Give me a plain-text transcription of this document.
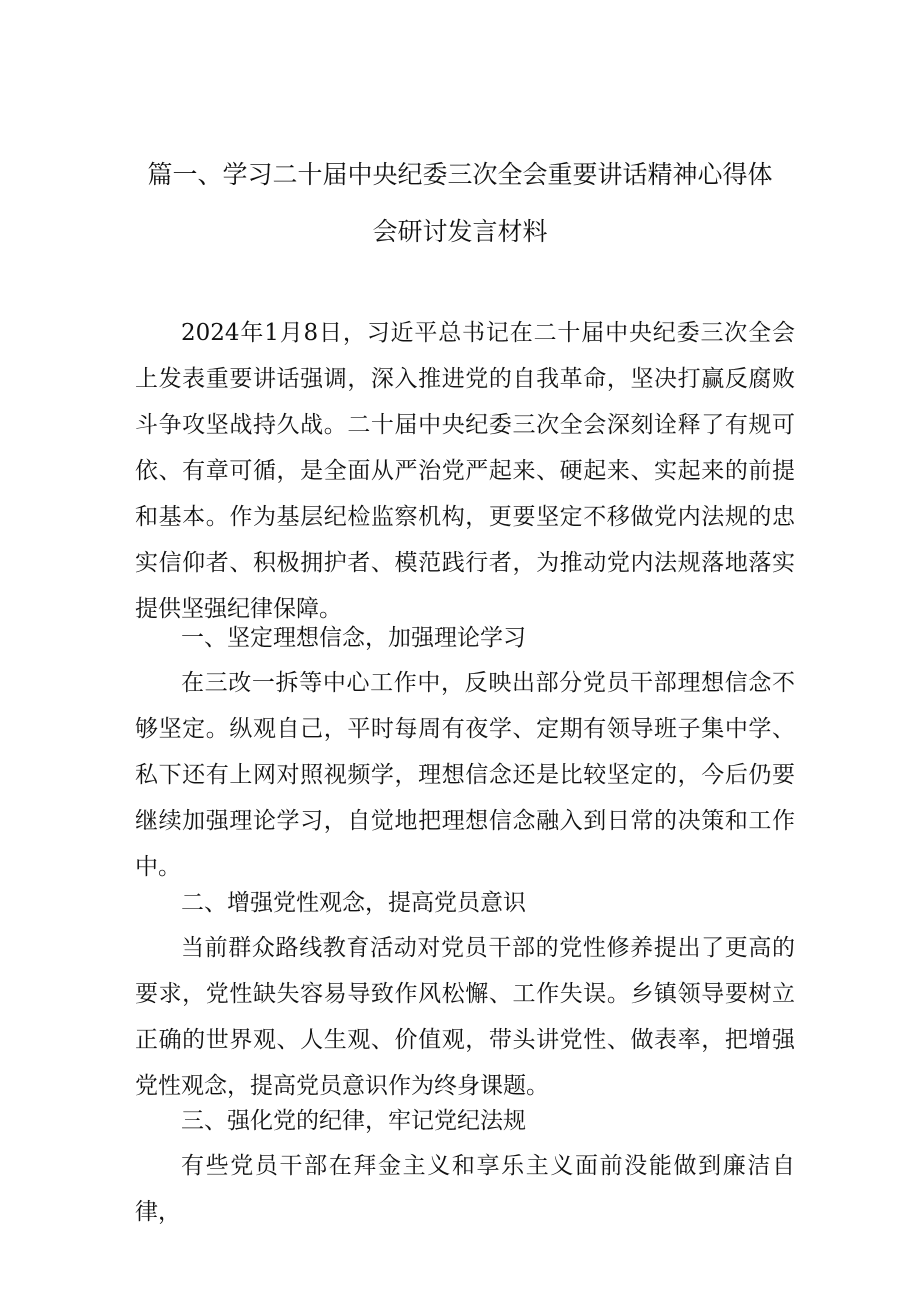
篇一、学习二十届中央纪委三次全会重要讲话精神心得体
会研讨发言材料

2024年1月8日，习近平总书记在二十届中央纪委三次全会上发表重要讲话强调，深入推进党的自我革命，坚决打赢反腐败斗争攻坚战持久战。二十届中央纪委三次全会深刻诠释了有规可依、有章可循，是全面从严治党严起来、硬起来、实起来的前提和基本。作为基层纪检监察机构，更要坚定不移做党内法规的忠实信仰者、积极拥护者、模范践行者，为推动党内法规落地落实提供坚强纪律保障。

一、坚定理想信念，加强理论学习

在三改一拆等中心工作中，反映出部分党员干部理想信念不够坚定。纵观自己，平时每周有夜学、定期有领导班子集中学、私下还有上网对照视频学，理想信念还是比较坚定的，今后仍要继续加强理论学习，自觉地把理想信念融入到日常的决策和工作中。

二、增强党性观念，提高党员意识

当前群众路线教育活动对党员干部的党性修养提出了更高的要求，党性缺失容易导致作风松懈、工作失误。乡镇领导要树立正确的世界观、人生观、价值观，带头讲党性、做表率，把增强党性观念，提高党员意识作为终身课题。

三、强化党的纪律，牢记党纪法规

有些党员干部在拜金主义和享乐主义面前没能做到廉洁自律，
